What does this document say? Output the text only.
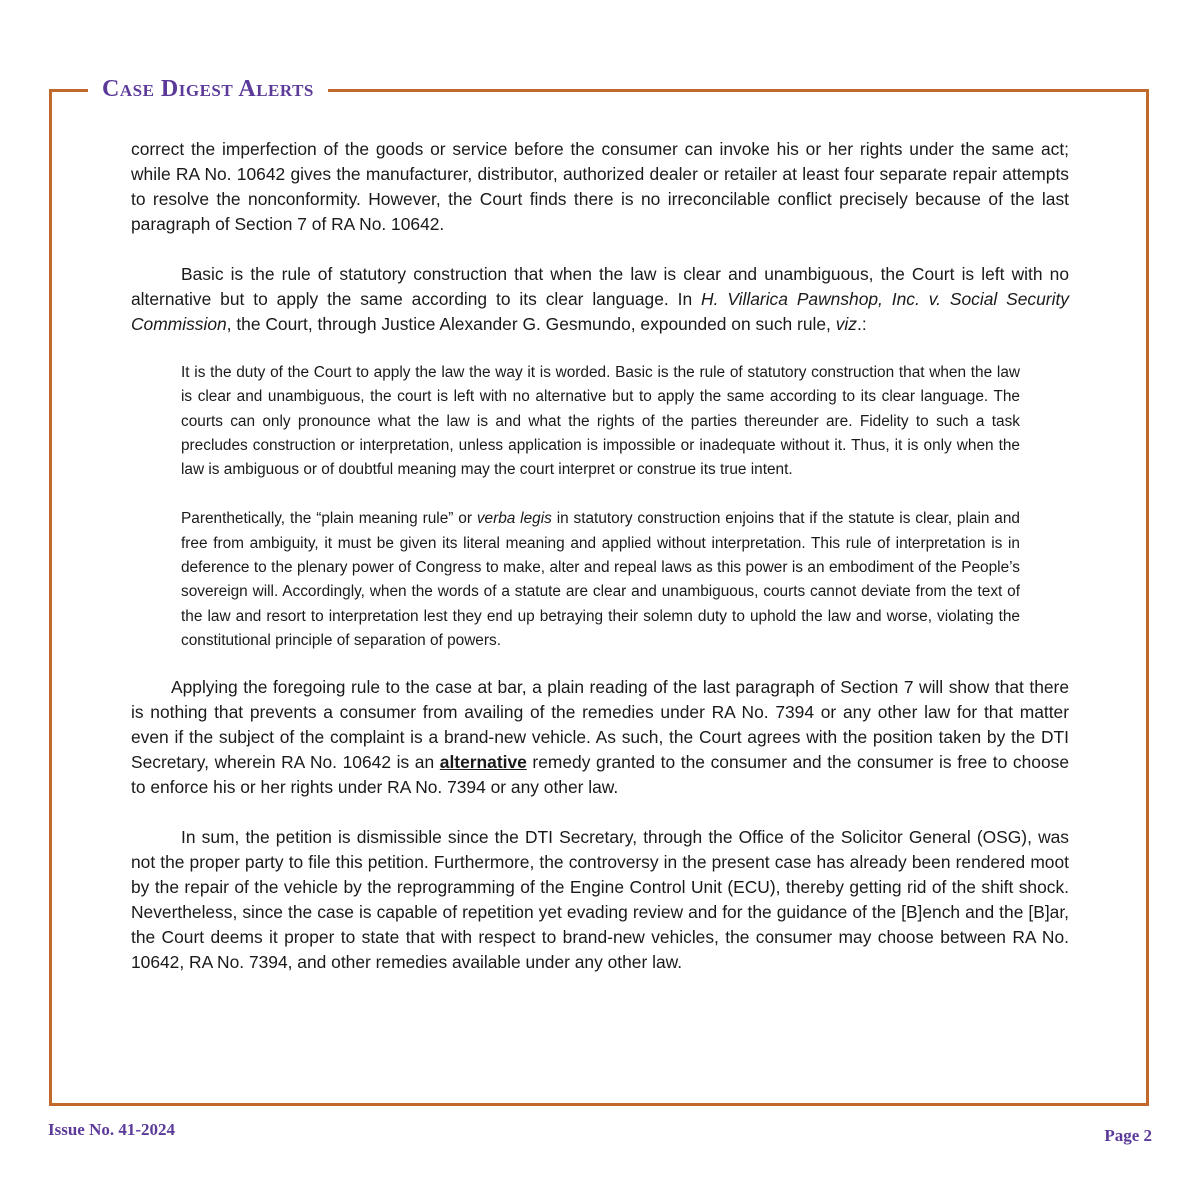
Case Digest Alerts

correct the imperfection of the goods or service before the consumer can invoke his or her rights under the same act; while RA No. 10642 gives the manufacturer, distributor, authorized dealer or retailer at least four separate repair attempts to resolve the nonconformity. However, the Court finds there is no irreconcilable conflict precisely because of the last paragraph of Section 7 of RA No. 10642.

Basic is the rule of statutory construction that when the law is clear and unambiguous, the Court is left with no alternative but to apply the same according to its clear language. In H. Villarica Pawnshop, Inc. v. Social Security Commission, the Court, through Justice Alexander G. Gesmundo, expounded on such rule, viz.:

It is the duty of the Court to apply the law the way it is worded. Basic is the rule of statutory construction that when the law is clear and unambiguous, the court is left with no alternative but to apply the same according to its clear language. The courts can only pronounce what the law is and what the rights of the parties thereunder are. Fidelity to such a task precludes construction or interpretation, unless application is impossible or inadequate without it. Thus, it is only when the law is ambiguous or of doubtful meaning may the court interpret or construe its true intent.

Parenthetically, the “plain meaning rule” or verba legis in statutory construction enjoins that if the statute is clear, plain and free from ambiguity, it must be given its literal meaning and applied without interpretation. This rule of interpretation is in deference to the plenary power of Congress to make, alter and repeal laws as this power is an embodiment of the People’s sovereign will. Accordingly, when the words of a statute are clear and unambiguous, courts cannot deviate from the text of the law and resort to interpretation lest they end up betraying their solemn duty to uphold the law and worse, violating the constitutional principle of separation of powers.

Applying the foregoing rule to the case at bar, a plain reading of the last paragraph of Section 7 will show that there is nothing that prevents a consumer from availing of the remedies under RA No. 7394 or any other law for that matter even if the subject of the complaint is a brand-new vehicle. As such, the Court agrees with the position taken by the DTI Secretary, wherein RA No. 10642 is an alternative remedy granted to the consumer and the consumer is free to choose to enforce his or her rights under RA No. 7394 or any other law.

In sum, the petition is dismissible since the DTI Secretary, through the Office of the Solicitor General (OSG), was not the proper party to file this petition. Furthermore, the controversy in the present case has already been rendered moot by the repair of the vehicle by the reprogramming of the Engine Control Unit (ECU), thereby getting rid of the shift shock. Nevertheless, since the case is capable of repetition yet evading review and for the guidance of the [B]ench and the [B]ar, the Court deems it proper to state that with respect to brand-new vehicles, the consumer may choose between RA No. 10642, RA No. 7394, and other remedies available under any other law.

Issue No. 41-2024	Page 2
